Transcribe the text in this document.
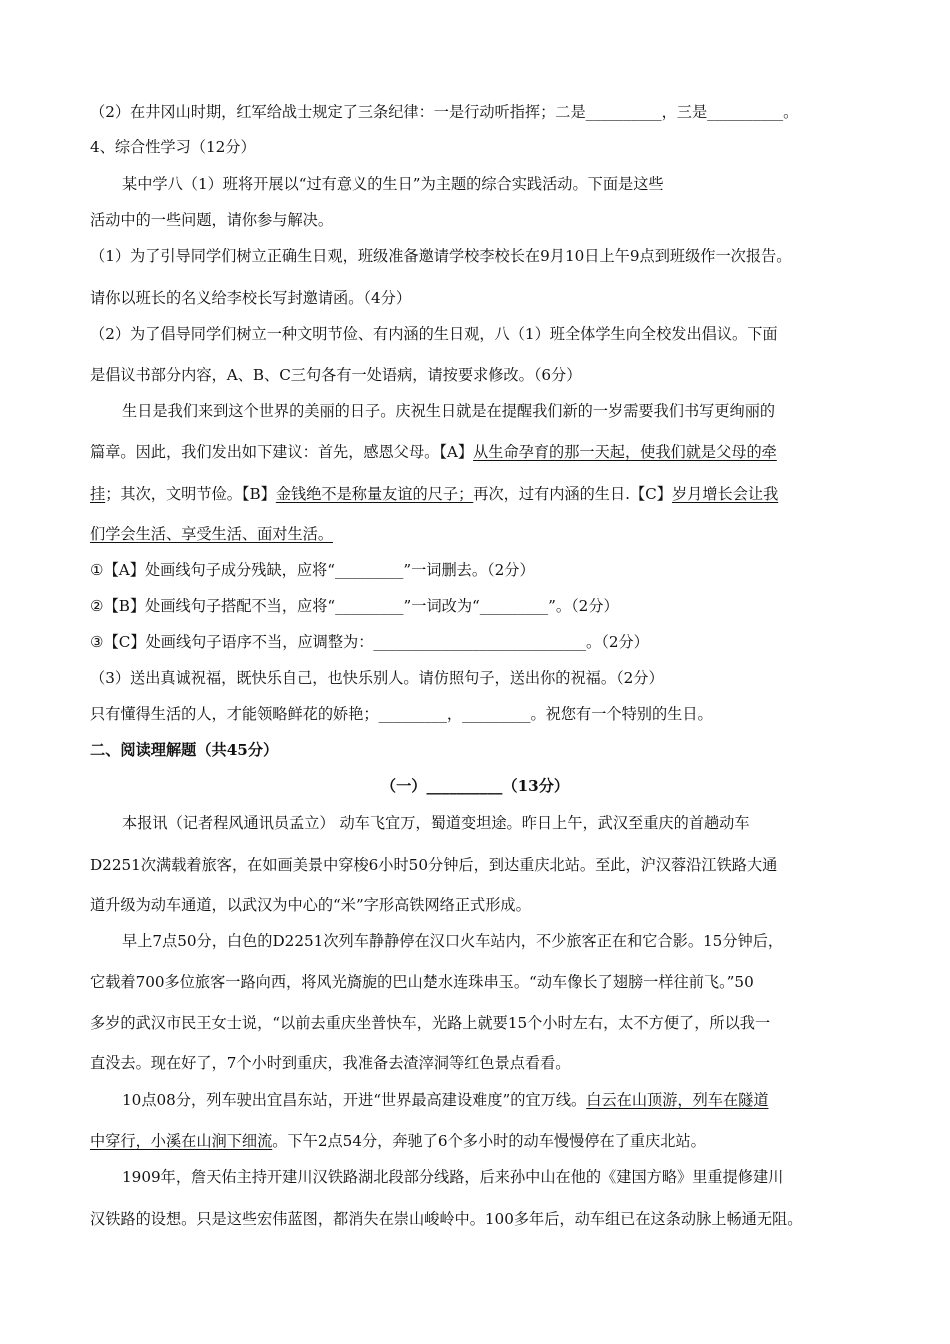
（2）在井冈山时期，红军给战士规定了三条纪律：一是行动听指挥；二是__________，三是__________。
4、综合性学习（12分）
某中学八（1）班将开展以“过有意义的生日”为主题的综合实践活动。下面是这些
活动中的一些问题，请你参与解决。
（1）为了引导同学们树立正确生日观，班级准备邀请学校李校长在9月10日上午9点到班级作一次报告。
请你以班长的名义给李校长写封邀请函。（4分）
（2）为了倡导同学们树立一种文明节俭、有内涵的生日观，八（1）班全体学生向全校发出倡议。下面
是倡议书部分内容，A、B、C三句各有一处语病，请按要求修改。（6分）
生日是我们来到这个世界的美丽的日子。庆祝生日就是在提醒我们新的一岁需要我们书写更绚丽的
篇章。因此，我们发出如下建议：首先，感恩父母。【A】从生命孕育的那一天起，使我们就是父母的牵
挂；其次，文明节俭。【B】金钱绝不是称量友谊的尺子；再次，过有内涵的生日.【C】岁月增长会让我
们学会生活、享受生活、面对生活。
①【A】处画线句子成分残缺，应将“_________”一词删去。（2分）
②【B】处画线句子搭配不当，应将“_________”一词改为“_________”。（2分）
③【C】处画线句子语序不当，应调整为：____________________________。（2分）
（3）送出真诚祝福，既快乐自己，也快乐别人。请仿照句子，送出你的祝福。（2分）
只有懂得生活的人，才能领略鲜花的娇艳；_________，_________。祝您有一个特别的生日。
二、阅读理解题（共45分）
（一）__________（13分）
本报讯（记者程风通讯员孟立） 动车飞宜万，蜀道变坦途。昨日上午，武汉至重庆的首趟动车
D2251次满载着旅客，在如画美景中穿梭6小时50分钟后，到达重庆北站。至此，沪汉蓉沿江铁路大通
道升级为动车通道，以武汉为中心的“米”字形高铁网络正式形成。
早上7点50分，白色的D2251次列车静静停在汉口火车站内，不少旅客正在和它合影。15分钟后，
它载着700多位旅客一路向西，将风光旖旎的巴山楚水连珠串玉。“动车像长了翅膀一样往前飞。”50
多岁的武汉市民王女士说，“以前去重庆坐普快车，光路上就要15个小时左右，太不方便了，所以我一
直没去。现在好了，7个小时到重庆，我准备去渣滓洞等红色景点看看。
10点08分，列车驶出宜昌东站，开进“世界最高建设难度”的宜万线。白云在山顶游，列车在隧道
中穿行，小溪在山涧下细流。下午2点54分，奔驰了6个多小时的动车慢慢停在了重庆北站。
1909年，詹天佑主持开建川汉铁路湖北段部分线路，后来孙中山在他的《建国方略》里重提修建川
汉铁路的设想。只是这些宏伟蓝图，都消失在崇山峻岭中。100多年后，动车组已在这条动脉上畅通无阻。
